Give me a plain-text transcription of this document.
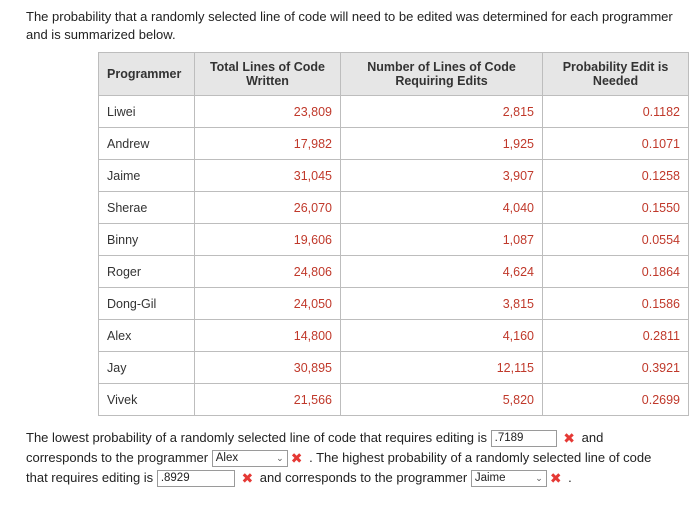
The probability that a randomly selected line of code will need to be edited was determined for each programmer
and is summarized below.
Programmer	Total Lines of Code Written	Number of Lines of Code Requiring Edits	Probability Edit is Needed
Liwei	23,809	2,815	0.1182
Andrew	17,982	1,925	0.1071
Jaime	31,045	3,907	0.1258
Sherae	26,070	4,040	0.1550
Binny	19,606	1,087	0.0554
Roger	24,806	4,624	0.1864
Dong-Gil	24,050	3,815	0.1586
Alex	14,800	4,160	0.2811
Jay	30,895	12,115	0.3921
Vivek	21,566	5,820	0.2699
The lowest probability of a randomly selected line of code that requires editing is .7189	✖ and
corresponds to the programmer Alex	⌄ ✖ . The highest probability of a randomly selected line of code
that requires editing is .8929	✖ and corresponds to the programmer Jaime	⌄ ✖ .
